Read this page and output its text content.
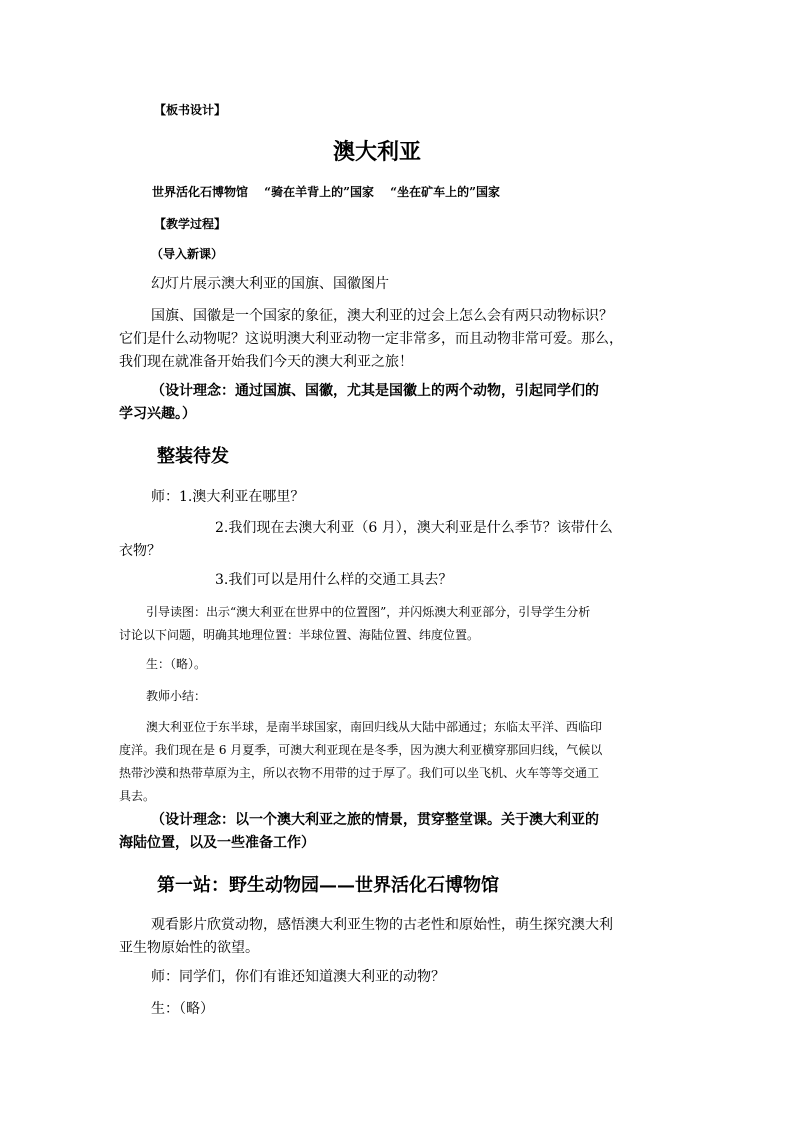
【板书设计】

澳大利亚

世界活化石博物馆　 “骑在羊背上的”国家　 “坐在矿车上的”国家

【教学过程】

（导入新课）

幻灯片展示澳大利亚的国旗、国徽图片

国旗、国徽是一个国家的象征，澳大利亚的过会上怎么会有两只动物标识？

它们是什么动物呢？这说明澳大利亚动物一定非常多，而且动物非常可爱。那么，

我们现在就准备开始我们今天的澳大利亚之旅！

（设计理念：通过国旗、国徽，尤其是国徽上的两个动物，引起同学们的

学习兴趣。）

整装待发

师：1.澳大利亚在哪里？

2.我们现在去澳大利亚（6 月），澳大利亚是什么季节？该带什么

衣物？

3.我们可以是用什么样的交通工具去？

引导读图：出示“澳大利亚在世界中的位置图”，并闪烁澳大利亚部分，引导学生分析

讨论以下问题，明确其地理位置：半球位置、海陆位置、纬度位置。

生：（略）。

教师小结：

澳大利亚位于东半球，是南半球国家，南回归线从大陆中部通过；东临太平洋、西临印

度洋。我们现在是 6 月夏季，可澳大利亚现在是冬季，因为澳大利亚横穿那回归线，气候以

热带沙漠和热带草原为主，所以衣物不用带的过于厚了。我们可以坐飞机、火车等等交通工

具去。

（设计理念：以一个澳大利亚之旅的情景，贯穿整堂课。关于澳大利亚的

海陆位置，以及一些准备工作）

第一站：野生动物园——世界活化石博物馆

观看影片欣赏动物，感悟澳大利亚生物的古老性和原始性，萌生探究澳大利

亚生物原始性的欲望。

师：同学们，你们有谁还知道澳大利亚的动物？

生：（略）
